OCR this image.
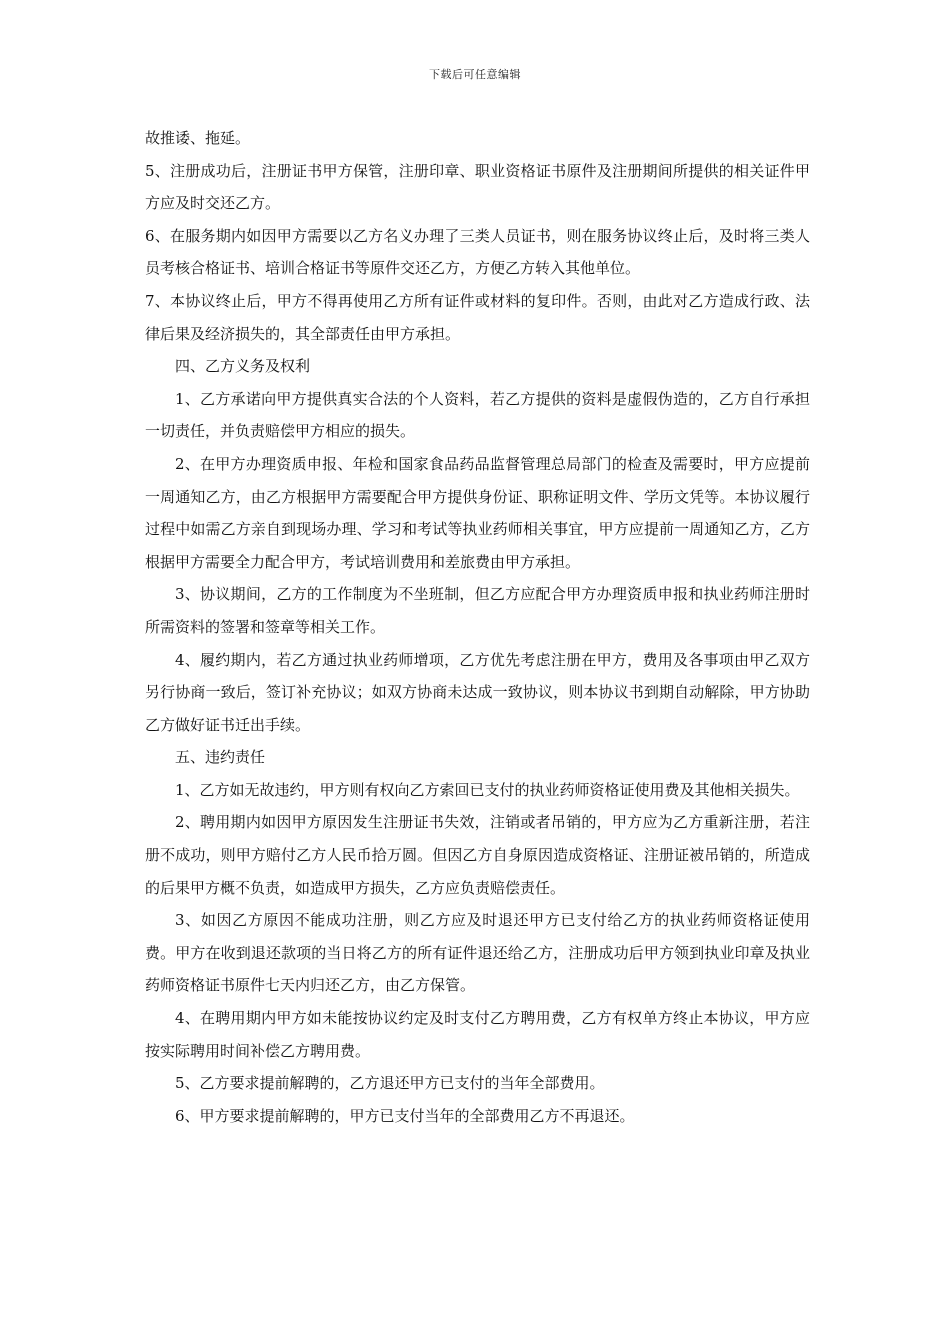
下载后可任意编辑

故推诿、拖延。

5、注册成功后，注册证书甲方保管，注册印章、职业资格证书原件及注册期间所提供的相关证件甲方应及时交还乙方。

6、在服务期内如因甲方需要以乙方名义办理了三类人员证书，则在服务协议终止后，及时将三类人员考核合格证书、培训合格证书等原件交还乙方，方便乙方转入其他单位。

7、本协议终止后，甲方不得再使用乙方所有证件或材料的复印件。否则，由此对乙方造成行政、法律后果及经济损失的，其全部责任由甲方承担。

四、乙方义务及权利

1、乙方承诺向甲方提供真实合法的个人资料，若乙方提供的资料是虚假伪造的，乙方自行承担一切责任，并负责赔偿甲方相应的损失。

2、在甲方办理资质申报、年检和国家食品药品监督管理总局部门的检查及需要时，甲方应提前一周通知乙方，由乙方根据甲方需要配合甲方提供身份证、职称证明文件、学历文凭等。本协议履行过程中如需乙方亲自到现场办理、学习和考试等执业药师相关事宜，甲方应提前一周通知乙方，乙方根据甲方需要全力配合甲方，考试培训费用和差旅费由甲方承担。

3、协议期间，乙方的工作制度为不坐班制，但乙方应配合甲方办理资质申报和执业药师注册时所需资料的签署和签章等相关工作。

4、履约期内，若乙方通过执业药师增项，乙方优先考虑注册在甲方，费用及各事项由甲乙双方另行协商一致后，签订补充协议；如双方协商未达成一致协议，则本协议书到期自动解除，甲方协助乙方做好证书迁出手续。

五、违约责任

1、乙方如无故违约，甲方则有权向乙方索回已支付的执业药师资格证使用费及其他相关损失。

2、聘用期内如因甲方原因发生注册证书失效，注销或者吊销的，甲方应为乙方重新注册，若注册不成功，则甲方赔付乙方人民币拾万圆。但因乙方自身原因造成资格证、注册证被吊销的，所造成的后果甲方概不负责，如造成甲方损失，乙方应负责赔偿责任。

3、如因乙方原因不能成功注册，则乙方应及时退还甲方已支付给乙方的执业药师资格证使用费。甲方在收到退还款项的当日将乙方的所有证件退还给乙方，注册成功后甲方领到执业印章及执业药师资格证书原件七天内归还乙方，由乙方保管。

4、在聘用期内甲方如未能按协议约定及时支付乙方聘用费，乙方有权单方终止本协议，甲方应按实际聘用时间补偿乙方聘用费。

5、乙方要求提前解聘的，乙方退还甲方已支付的当年全部费用。

6、甲方要求提前解聘的，甲方已支付当年的全部费用乙方不再退还。
